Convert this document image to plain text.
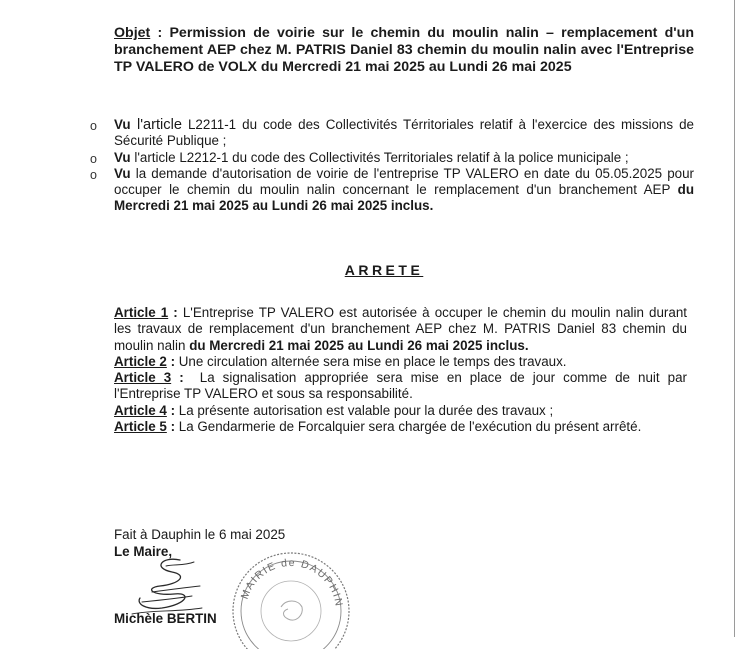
Objet : Permission de voirie sur le chemin du moulin nalin – remplacement d'un branchement AEP chez M. PATRIS Daniel 83 chemin du moulin nalin avec l'Entreprise TP VALERO de VOLX du Mercredi 21 mai 2025 au Lundi 26 mai 2025
o Vu l'article L2211-1 du code des Collectivités Térritoriales relatif à l'exercice des missions de Sécurité Publique ;
o Vu l'article L2212-1 du code des Collectivités Territoriales relatif à la police municipale ;
o Vu la demande d'autorisation de voirie de l'entreprise TP VALERO en date du 05.05.2025 pour occuper le chemin du moulin nalin concernant le remplacement d'un branchement AEP du Mercredi 21 mai 2025 au Lundi 26 mai 2025 inclus.
ARRETE
Article 1 : L'Entreprise TP VALERO est autorisée à occuper le chemin du moulin nalin durant les travaux de remplacement d'un branchement AEP chez M. PATRIS Daniel 83 chemin du moulin nalin du Mercredi 21 mai 2025 au Lundi 26 mai 2025 inclus.
Article 2 : Une circulation alternée sera mise en place le temps des travaux.
Article 3 :  La signalisation appropriée sera mise en place de jour comme de nuit par l'Entreprise TP VALERO et sous sa responsabilité.
Article 4 : La présente autorisation est valable pour la durée des travaux ;
Article 5 : La Gendarmerie de Forcalquier sera chargée de l'exécution du présent arrêté.
Fait à Dauphin le 6 mai 2025
Le Maire,
MAIRIE de DAUPHIN
Michèle BERTIN
